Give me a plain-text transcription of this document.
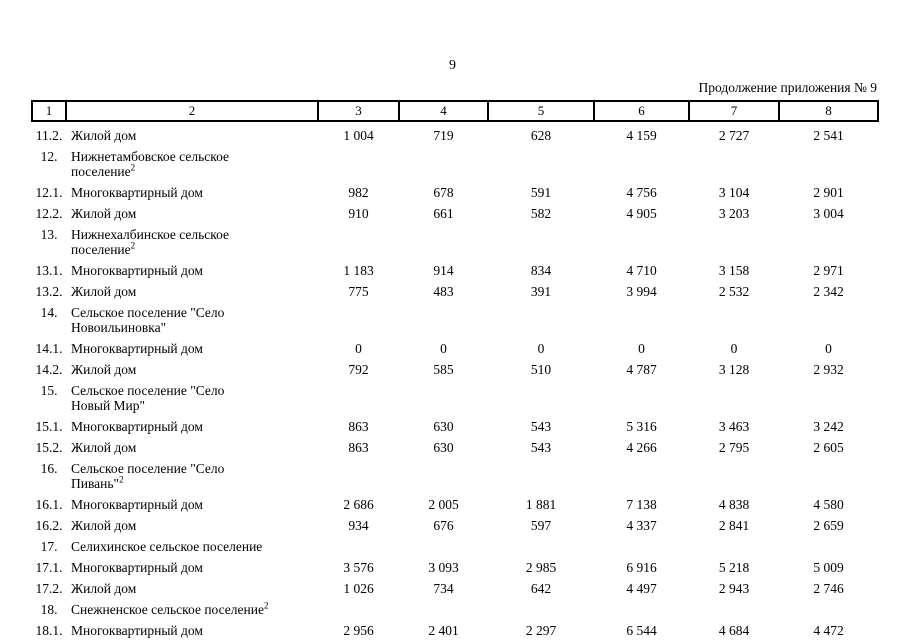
9
Продолжение приложения № 9
1	2	3	4	5	6	7	8
11.2.	Жилой дом	1 004	719	628	4 159	2 727	2 541
12.	Нижнетамбовское сельское
поселение$^2$						
12.1.	Многоквартирный дом	982	678	591	4 756	3 104	2 901
12.2.	Жилой дом	910	661	582	4 905	3 203	3 004
13.	Нижнехалбинское сельское
поселение$^2$						
13.1.	Многоквартирный дом	1 183	914	834	4 710	3 158	2 971
13.2.	Жилой дом	775	483	391	3 994	2 532	2 342
14.	Сельское поселение "Село
Новоильиновка"						
14.1.	Многоквартирный дом	0	0	0	0	0	0
14.2.	Жилой дом	792	585	510	4 787	3 128	2 932
15.	Сельское поселение "Село
Новый Мир"						
15.1.	Многоквартирный дом	863	630	543	5 316	3 463	3 242
15.2.	Жилой дом	863	630	543	4 266	2 795	2 605
16.	Сельское поселение "Село
Пивань"$^2$						
16.1.	Многоквартирный дом	2 686	2 005	1 881	7 138	4 838	4 580
16.2.	Жилой дом	934	676	597	4 337	2 841	2 659
17.	Селихинское сельское поселение						
17.1.	Многоквартирный дом	3 576	3 093	2 985	6 916	5 218	5 009
17.2.	Жилой дом	1 026	734	642	4 497	2 943	2 746
18.	Снежненское сельское поселение$^2$						
18.1.	Многоквартирный дом	2 956	2 401	2 297	6 544	4 684	4 472
